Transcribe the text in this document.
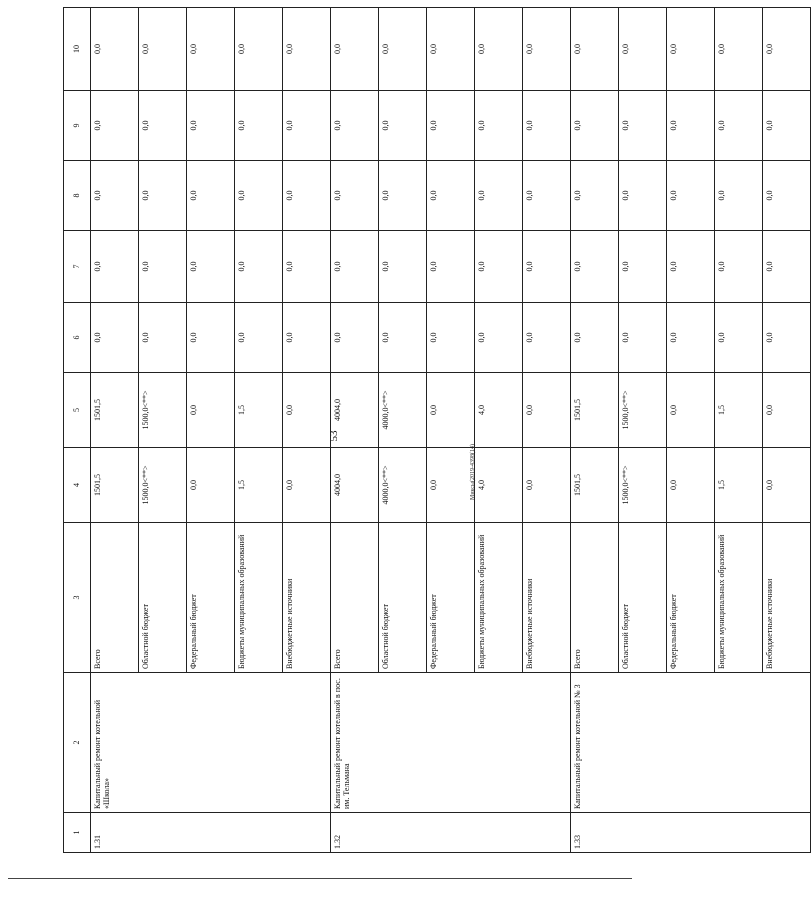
53
Миксы(2019-4398(14)
1	2	3	4	5	6	7	8	9	10
1.31	Капитальный ремонт котельной «Школа»	Всего	1501,5	1501,5	0,0	0,0	0,0	0,0	0,0
		Областной бюджет	1500,0<**>	1500,0<**>	0,0	0,0	0,0	0,0	0,0
		Федеральный бюджет	0,0	0,0	0,0	0,0	0,0	0,0	0,0
		Бюджеты муниципальных образований	1,5	1,5	0,0	0,0	0,0	0,0	0,0
		Внебюджетные источники	0,0	0,0	0,0	0,0	0,0	0,0	0,0
1.32	Капитальный ремонт котельной в пос. им. Тельмана	Всего	4004,0	4004,0	0,0	0,0	0,0	0,0	0,0
		Областной бюджет	4000,0<**>	4000,0<**>	0,0	0,0	0,0	0,0	0,0
		Федеральный бюджет	0,0	0,0	0,0	0,0	0,0	0,0	0,0
		Бюджеты муниципальных образований	4,0	4,0	0,0	0,0	0,0	0,0	0,0
		Внебюджетные источники	0,0	0,0	0,0	0,0	0,0	0,0	0,0
1.33	Капитальный ремонт котельной № 3	Всего	1501,5	1501,5	0,0	0,0	0,0	0,0	0,0
		Областной бюджет	1500,0<**>	1500,0<**>	0,0	0,0	0,0	0,0	0,0
		Федеральный бюджет	0,0	0,0	0,0	0,0	0,0	0,0	0,0
		Бюджеты муниципальных образований	1,5	1,5	0,0	0,0	0,0	0,0	0,0
		Внебюджетные источники	0,0	0,0	0,0	0,0	0,0	0,0	0,0
